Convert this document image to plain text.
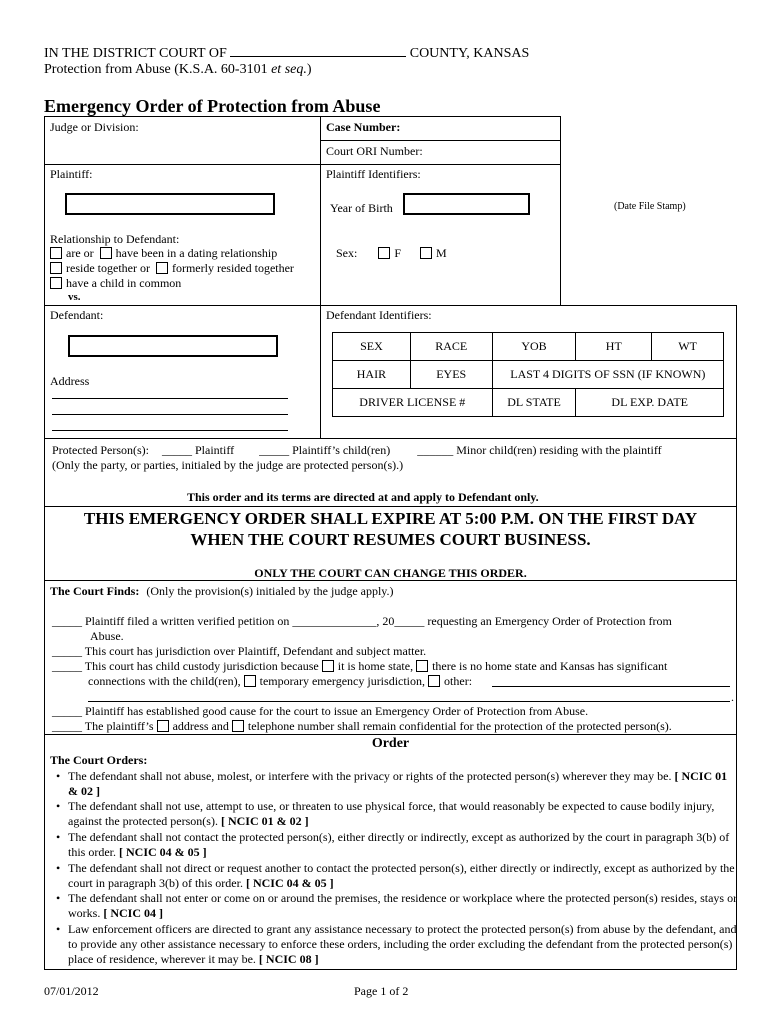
IN THE DISTRICT COURT OF	COUNTY, KANSAS
Protection from Abuse (K.S.A. 60-3101 et seq.)
Emergency Order of Protection from Abuse
Judge or Division:	Case Number:
Court ORI Number:
Plaintiff:	Plaintiff Identifiers:
Year of Birth	(Date File Stamp)
Relationship to Defendant:
are or have been in a dating relationship
reside together or formerly resided together
have a child in common
vs.
Sex:	F	M
Defendant:
Address
Defendant Identifiers:
SEX	RACE	YOB	HT	WT
HAIR	EYES	LAST 4 DIGITS OF SSN (IF KNOWN)		
DRIVER LICENSE #		DL STATE	DL EXP. DATE	
Protected Person(s): _____ Plaintiff _____ Plaintiff’s child(ren) ______ Minor child(ren) residing with the plaintiff
(Only the party, or parties, initialed by the judge are protected person(s).)
This order and its terms are directed at and apply to Defendant only.
THIS EMERGENCY ORDER SHALL EXPIRE AT 5:00 P.M. ON THE FIRST DAY
WHEN THE COURT RESUMES COURT BUSINESS.
ONLY THE COURT CAN CHANGE THIS ORDER.
The Court Finds: (Only the provision(s) initialed by the judge apply.)
_____ Plaintiff filed a written verified petition on ______________, 20_____ requesting an Emergency Order of Protection from
Abuse.
_____ This court has jurisdiction over Plaintiff, Defendant and subject matter.
_____ This court has child custody jurisdiction because it is home state, there is no home state and Kansas has significant
connections with the child(ren), temporary emergency jurisdiction, other:
.
_____ Plaintiff has established good cause for the court to issue an Emergency Order of Protection from Abuse.
_____ The plaintiff’s address and telephone number shall remain confidential for the protection of the protected person(s).
Order
The Court Orders:
• The defendant shall not abuse, molest, or interfere with the privacy or rights of the protected person(s) wherever they may be. [ NCIC 01 & 02 ]
• The defendant shall not use, attempt to use, or threaten to use physical force, that would reasonably be expected to cause bodily injury, against the protected person(s). [ NCIC 01 & 02 ]
• The defendant shall not contact the protected person(s), either directly or indirectly, except as authorized by the court in paragraph 3(b) of this order. [ NCIC 04 & 05 ]
• The defendant shall not direct or request another to contact the protected person(s), either directly or indirectly, except as authorized by the court in paragraph 3(b) of this order. [ NCIC 04 & 05 ]
• The defendant shall not enter or come on or around the premises, the residence or workplace where the protected person(s) resides, stays or works. [ NCIC 04 ]
• Law enforcement officers are directed to grant any assistance necessary to protect the protected person(s) from abuse by the defendant, and to provide any other assistance necessary to enforce these orders, including the order excluding the defendant from the protected person(s) place of residence, wherever it may be. [ NCIC 08 ]
07/01/2012	Page 1 of 2
